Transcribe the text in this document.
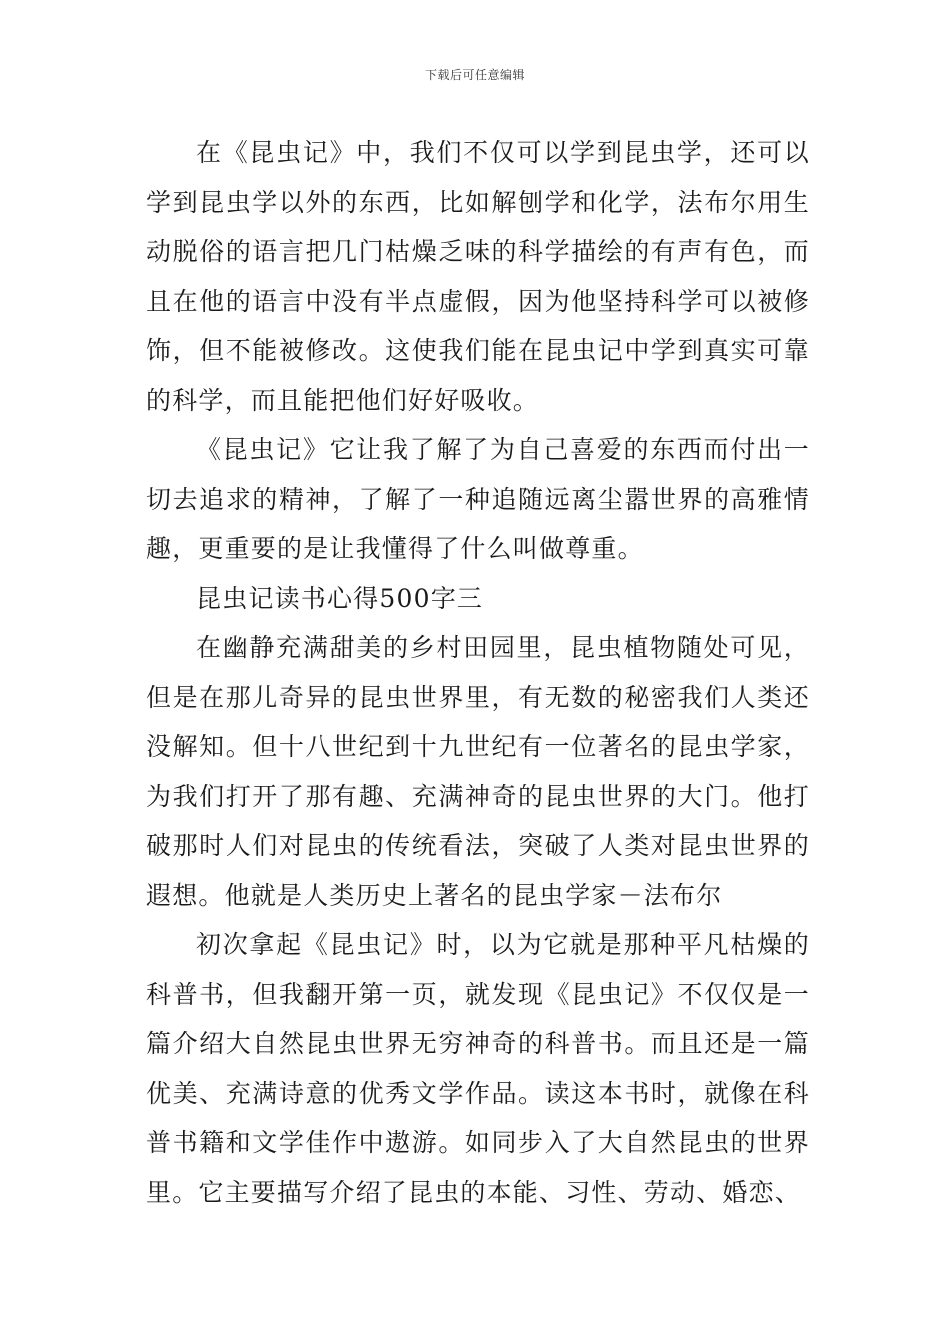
下载后可任意编辑

在《昆虫记》中，我们不仅可以学到昆虫学，还可以学到昆虫学以外的东西，比如解刨学和化学，法布尔用生动脱俗的语言把几门枯燥乏味的科学描绘的有声有色，而且在他的语言中没有半点虚假，因为他坚持科学可以被修饰，但不能被修改。这使我们能在昆虫记中学到真实可靠的科学，而且能把他们好好吸收。

《昆虫记》它让我了解了为自己喜爱的东西而付出一切去追求的精神，了解了一种追随远离尘嚣世界的高雅情趣，更重要的是让我懂得了什么叫做尊重。

昆虫记读书心得500字三

在幽静充满甜美的乡村田园里，昆虫植物随处可见，但是在那儿奇异的昆虫世界里，有无数的秘密我们人类还没解知。但十八世纪到十九世纪有一位著名的昆虫学家，为我们打开了那有趣、充满神奇的昆虫世界的大门。他打破那时人们对昆虫的传统看法，突破了人类对昆虫世界的遐想。他就是人类历史上著名的昆虫学家－法布尔

初次拿起《昆虫记》时，以为它就是那种平凡枯燥的科普书，但我翻开第一页，就发现《昆虫记》不仅仅是一篇介绍大自然昆虫世界无穷神奇的科普书。而且还是一篇优美、充满诗意的优秀文学作品。读这本书时，就像在科普书籍和文学佳作中遨游。如同步入了大自然昆虫的世界里。它主要描写介绍了昆虫的本能、习性、劳动、婚恋、
